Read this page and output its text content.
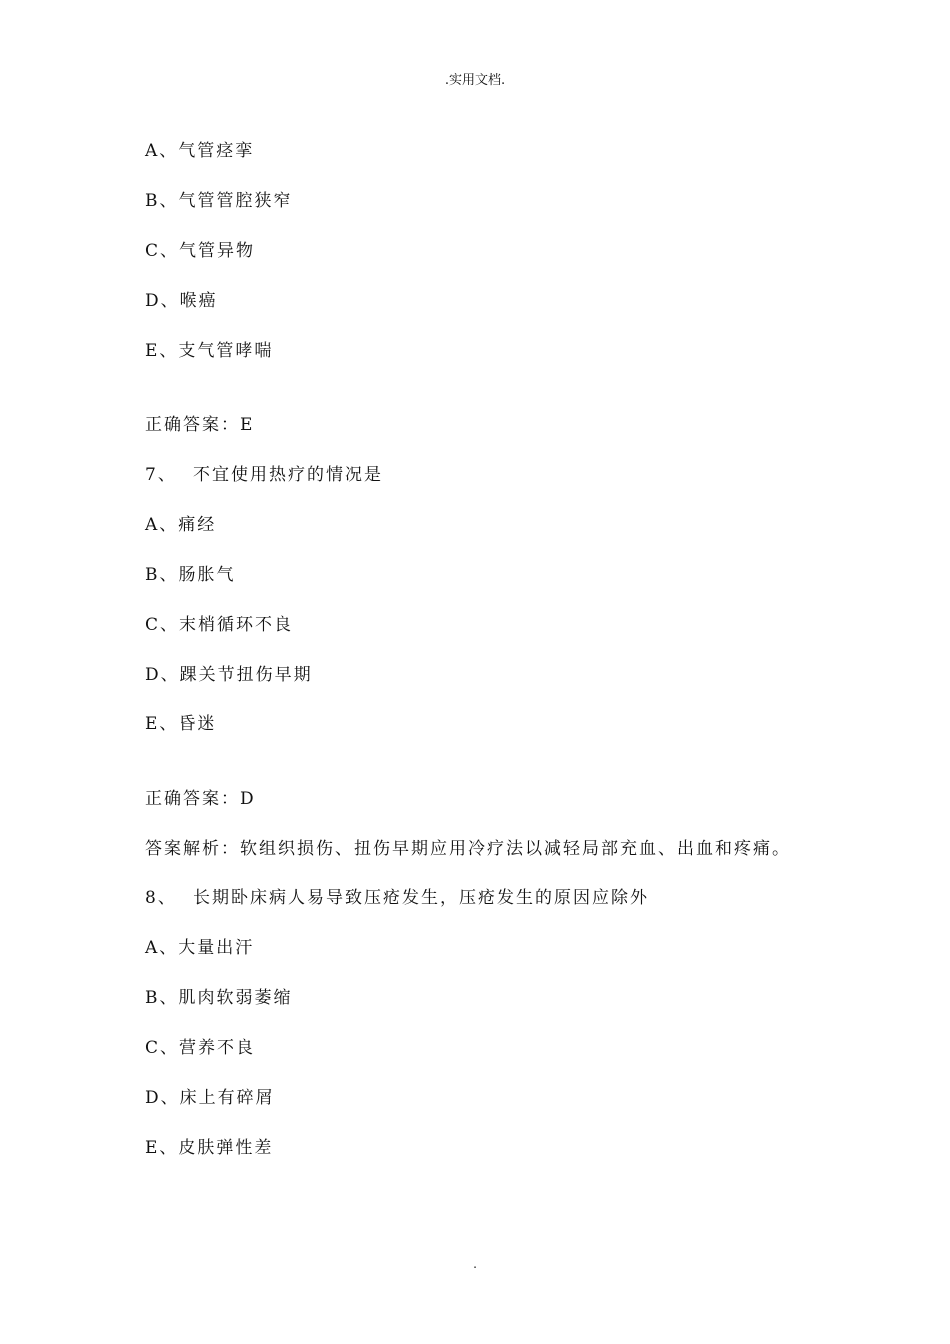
.实用文档.
A、气管痉挛
B、气管管腔狭窄
C、气管异物
D、喉癌
E、支气管哮喘
正确答案：E
7、 不宜使用热疗的情况是
A、痛经
B、肠胀气
C、末梢循环不良
D、踝关节扭伤早期
E、昏迷
正确答案：D
答案解析：软组织损伤、扭伤早期应用冷疗法以减轻局部充血、出血和疼痛。
8、 长期卧床病人易导致压疮发生，压疮发生的原因应除外
A、大量出汗
B、肌肉软弱萎缩
C、营养不良
D、床上有碎屑
E、皮肤弹性差
.
